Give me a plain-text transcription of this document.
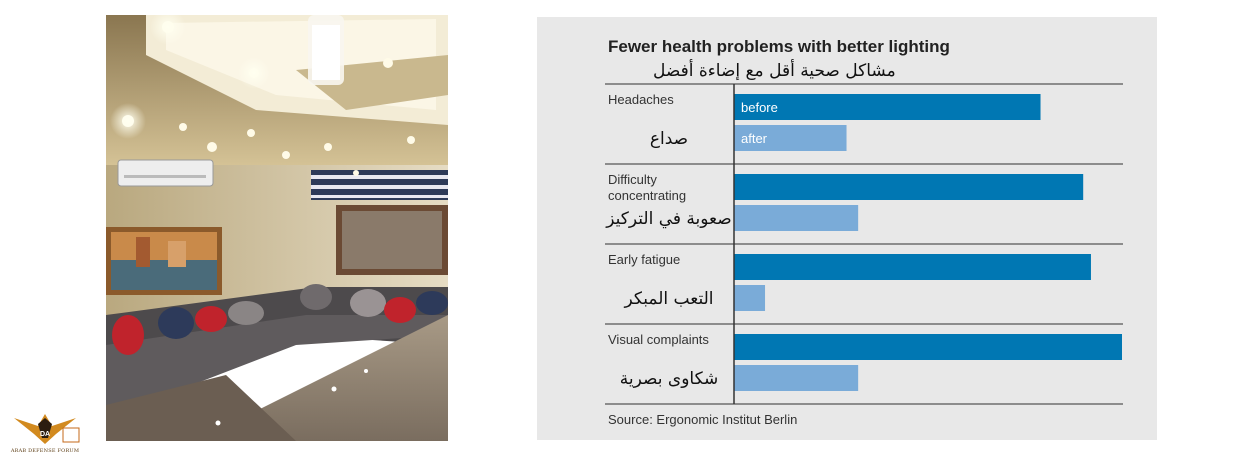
DA
ARAB DEFENSE FORUM
Fewer health problems with better lighting

مشاكل صحية أقل مع إضاءة أفضل

Headaches
صداع
before
after
Difficulty concentrating
صعوبة في التركيز
Early fatigue
التعب المبكر
Visual complaints
شكاوى بصرية

Source: Ergonomic Institut Berlin
